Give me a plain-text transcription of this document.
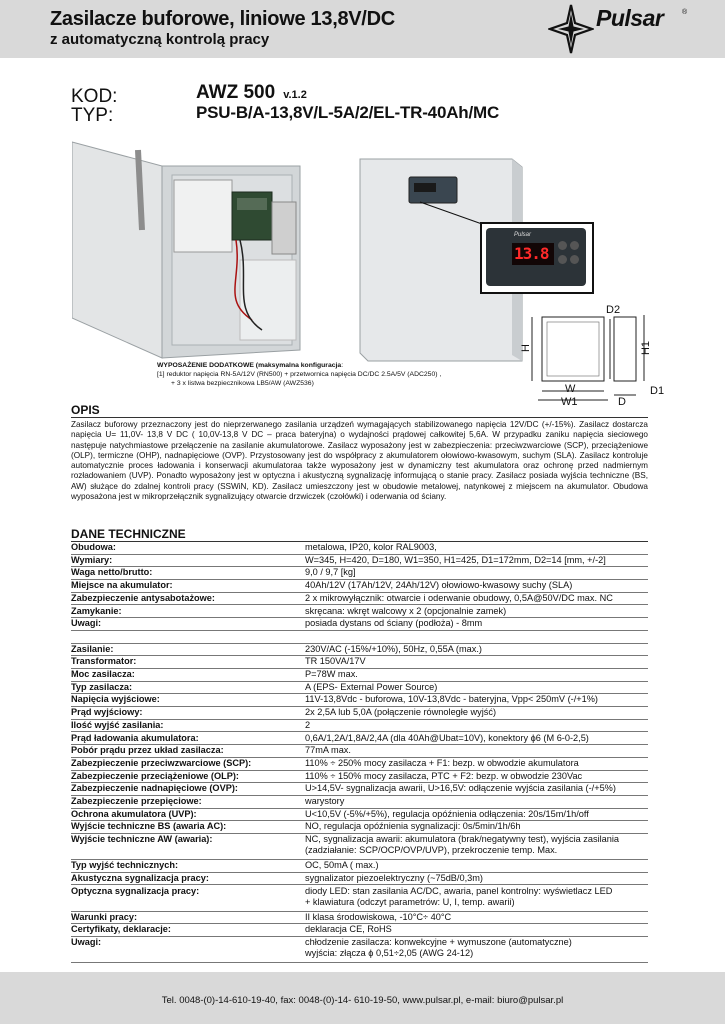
Zasilacze buforowe, liniowe 13,8V/DC
z automatyczną kontrolą pracy
Pulsar	®
KOD:
TYP:
AWZ 500 v.1.2
PSU-B/A-13,8V/L-5A/2/EL-TR-40Ah/MC
Pulsar
13.8
D2
H	H1
W
W1	D
D1
WYPOSAŻENIE DODATKOWE (maksymalna konfiguracja:
[1] reduktor napięcia RN-5A/12V (RN500) + przetwornica napięcia DC/DC 2.5A/5V (ADC250) ,
+ 3 x listwa bezpiecznikowa LB5/AW (AWZ536)
OPIS
Zasilacz buforowy przeznaczony jest do nieprzerwanego zasilania urządzeń wymagających stabilizowanego napięcia 12V/DC (+/-15%). Zasilacz dostarcza napięcia U= 11,0V- 13,8 V DC ( 10,0V-13,8 V DC – praca bateryjna) o wydajności prądowej całkowitej 5,6A. W przypadku zaniku napięcia sieciowego następuje natychmiastowe przełączenie na zasilanie akumulatorowe. Zasilacz wyposażony jest w zabezpieczenia: przeciwzwarciowe (SCP), przeciążeniowe (OLP), termiczne (OHP), nadnapięciowe (OVP). Przystosowany jest do współpracy z akumulatorem ołowiowo-kwasowym, suchym (SLA). Zasilacz kontroluje automatycznie proces ładowania i konserwacji akumulatoraa także wyposażony jest w dynamiczny test akumulatora oraz ochronę przed nadmiernym rozładowaniem (UVP). Ponadto wyposażony jest w optyczna i akustyczną sygnalizację informującą o stanie pracy. Zasilacz posiada wyjścia techniczne (BS, AW) służące do zdalnej kontroli pracy (SSWiN, KD). Zasilacz umieszczony jest w obudowie metalowej, natynkowej z miejscem na akumulator. Obudowa wyposażona jest w mikroprzełącznik sygnalizujący otwarcie drzwiczek (czołówki) i oderwania od ściany.
DANE TECHNICZNE
Obudowa:	metalowa, IP20, kolor RAL9003,
Wymiary:	W=345, H=420, D=180, W1=350, H1=425, D1=172mm, D2=14 [mm, +/-2]
Waga netto/brutto:	9,0 / 9,7 [kg]
Miejsce na akumulator:	40Ah/12V (17Ah/12V, 24Ah/12V) ołowiowo-kwasowy suchy (SLA)
Zabezpieczenie antysabotażowe:	2 x mikrowyłącznik: otwarcie i oderwanie obudowy, 0,5A@50V/DC max. NC
Zamykanie:	skręcana: wkręt walcowy x 2 (opcjonalnie zamek)
Uwagi:	posiada dystans od ściany (podłoża) - 8mm
Zasilanie:	230V/AC (-15%/+10%), 50Hz, 0,55A (max.)
Transformator:	TR 150VA/17V
Moc zasilacza:	P=78W max.
Typ zasilacza:	A (EPS- External Power Source)
Napięcia wyjściowe:	11V-13,8Vdc - buforowa, 10V-13,8Vdc - bateryjna, Vpp< 250mV (-/+1%)
Prąd wyjściowy:	2x 2,5A lub 5,0A (połączenie równoległe wyjść)
Ilość wyjść zasilania:	2
Prąd ładowania akumulatora:	0,6A/1,2A/1,8A/2,4A (dla 40Ah@Ubat=10V), konektory ϕ6 (M 6-0-2,5)
Pobór prądu przez układ zasilacza:	77mA max.
Zabezpieczenie przeciwzwarciowe (SCP):	110% ÷ 250% mocy zasilacza + F1: bezp. w obwodzie akumulatora
Zabezpieczenie przeciążeniowe (OLP):	110% ÷ 150% mocy zasilacza, PTC + F2: bezp. w obwodzie 230Vac
Zabezpieczenie nadnapięciowe (OVP):	U>14,5V- sygnalizacja awarii, U>16,5V: odłączenie wyjścia zasilania (-/+5%)
Zabezpieczenie przepięciowe:	warystory
Ochrona akumulatora (UVP):	U<10,5V (-5%/+5%), regulacja opóźnienia odłączenia: 20s/15m/1h/off
Wyjście techniczne BS (awaria AC):	NO, regulacja opóźnienia sygnalizacji: 0s/5min/1h/6h
Wyjście techniczne AW (awaria):	NC, sygnalizacja awarii: akumulatora (brak/negatywny test), wyjścia zasilania
(zadziałanie: SCP/OCP/OVP/UVP), przekroczenie temp. Max.
Typ wyjść technicznych:	OC, 50mA ( max.)
Akustyczna sygnalizacja pracy:	sygnalizator piezoelektryczny (~75dB/0,3m)
Optyczna sygnalizacja pracy:	diody LED: stan zasilania AC/DC, awaria, panel kontrolny: wyświetlacz LED
+ klawiatura (odczyt parametrów: U, I, temp. awarii)
Warunki pracy:	II klasa środowiskowa, -10°C÷ 40°C
Certyfikaty, deklaracje:	deklaracja CE, RoHS
Uwagi:	chłodzenie zasilacza: konwekcyjne + wymuszone (automatyczne)
wyjścia: złącza ϕ 0,51÷2,05 (AWG 24-12)
Tel. 0048-(0)-14-610-19-40, fax: 0048-(0)-14- 610-19-50, www.pulsar.pl, e-mail: biuro@pulsar.pl
